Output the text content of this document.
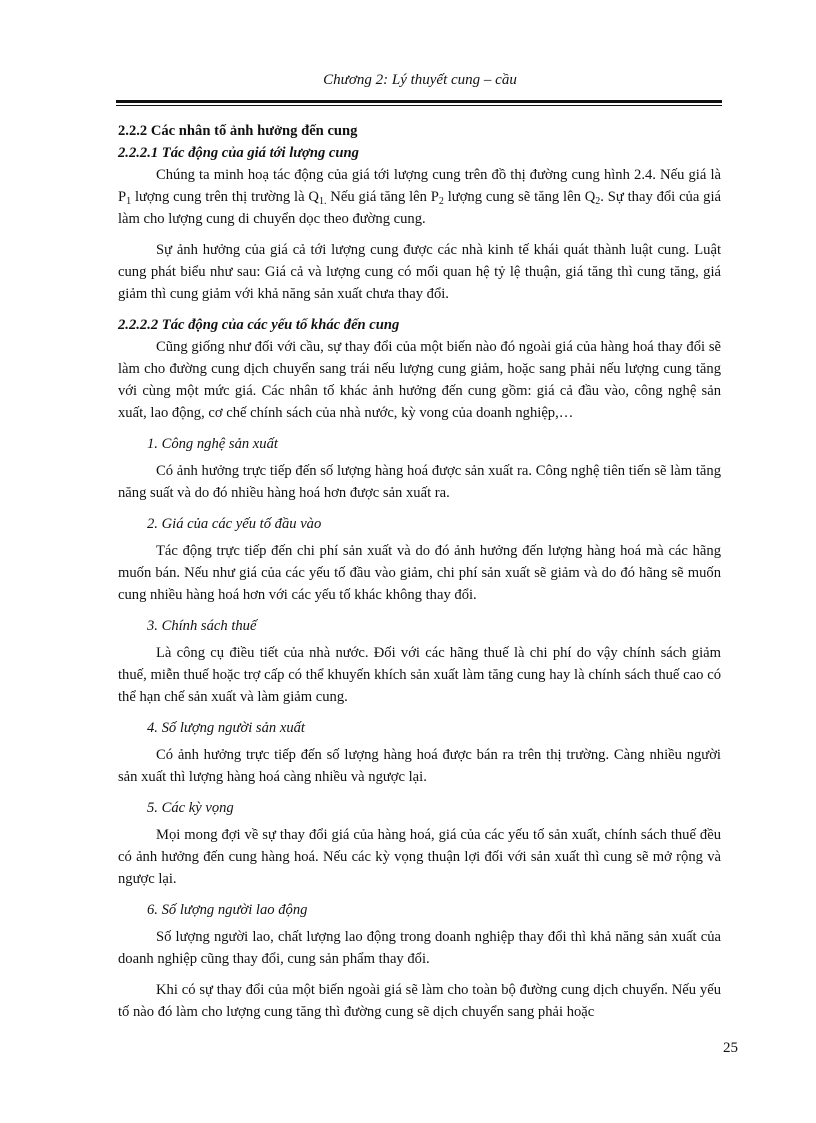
Chương 2: Lý thuyết cung – cầu

2.2.2 Các nhân tố ảnh hưởng đến cung

2.2.2.1 Tác động của giá tới lượng cung

Chúng ta minh hoạ tác động của giá tới lượng cung trên đồ thị đường cung hình 2.4. Nếu giá là $P_1$ lượng cung trên thị trường là $Q_{1.}$ Nếu giá tăng lên $P_2$ lượng cung sẽ tăng lên $Q_2$. Sự thay đổi của giá làm cho lượng cung di chuyển dọc theo đường cung.

Sự ảnh hưởng của giá cả tới lượng cung được các nhà kinh tế khái quát thành luật cung. Luật cung phát biểu như sau: Giá cả và lượng cung có mối quan hệ tỷ lệ thuận, giá tăng thì cung tăng, giá giảm thì cung giảm với khả năng sản xuất chưa thay đổi.

2.2.2.2 Tác động của các yếu tố khác đến cung

Cũng giống như đối với cầu, sự thay đổi của một biến nào đó ngoài giá của hàng hoá thay đổi sẽ làm cho đường cung dịch chuyển sang trái nếu lượng cung giảm, hoặc sang phải nếu lượng cung tăng với cùng một mức giá. Các nhân tố khác ảnh hưởng đến cung gồm: giá cả đầu vào, công nghệ sản xuất, lao động, cơ chế chính sách của nhà nước, kỳ vong của doanh nghiệp,…

1. Công nghệ sản xuất

Có ảnh hưởng trực tiếp đến số lượng hàng hoá được sản xuất ra. Công nghệ tiên tiến sẽ làm tăng năng suất và do đó nhiều hàng hoá hơn được sản xuất ra.

2. Giá của các yếu tố đầu vào

Tác động trực tiếp đến chi phí sản xuất và do đó ảnh hưởng đến lượng hàng hoá mà các hãng muốn bán. Nếu như giá của các yếu tố đầu vào giảm, chi phí sản xuất sẽ giảm và do đó hãng sẽ muốn cung nhiều hàng hoá hơn với các yếu tố khác không thay đổi.

3. Chính sách thuế

Là công cụ điều tiết của nhà nước. Đối với các hãng thuế là chi phí do vậy chính sách giảm thuế, miễn thuế hoặc trợ cấp có thể khuyến khích sản xuất làm tăng cung hay là chính sách thuế cao có thể hạn chế sản xuất và làm giảm cung.

4. Số lượng người sản xuất

Có ảnh hưởng trực tiếp đến số lượng hàng hoá được bán ra trên thị trường. Càng nhiều người sản xuất thì lượng hàng hoá càng nhiều và ngược lại.

5. Các kỳ vọng

Mọi mong đợi về sự thay đổi giá của hàng hoá, giá của các yếu tố sản xuất, chính sách thuế đều có ảnh hưởng đến cung hàng hoá. Nếu các kỳ vọng thuận lợi đối với sản xuất thì cung sẽ mở rộng và ngược lại.

6. Số lượng người lao động

Số lượng người lao, chất lượng lao động trong doanh nghiệp thay đổi thì khả năng sản xuất của doanh nghiệp cũng thay đổi, cung sản phẩm thay đổi.

Khi có sự thay đổi của một biến ngoài giá sẽ làm cho toàn bộ đường cung dịch chuyển. Nếu yếu tố nào đó làm cho lượng cung tăng thì đường cung sẽ dịch chuyển sang phải hoặc

25
